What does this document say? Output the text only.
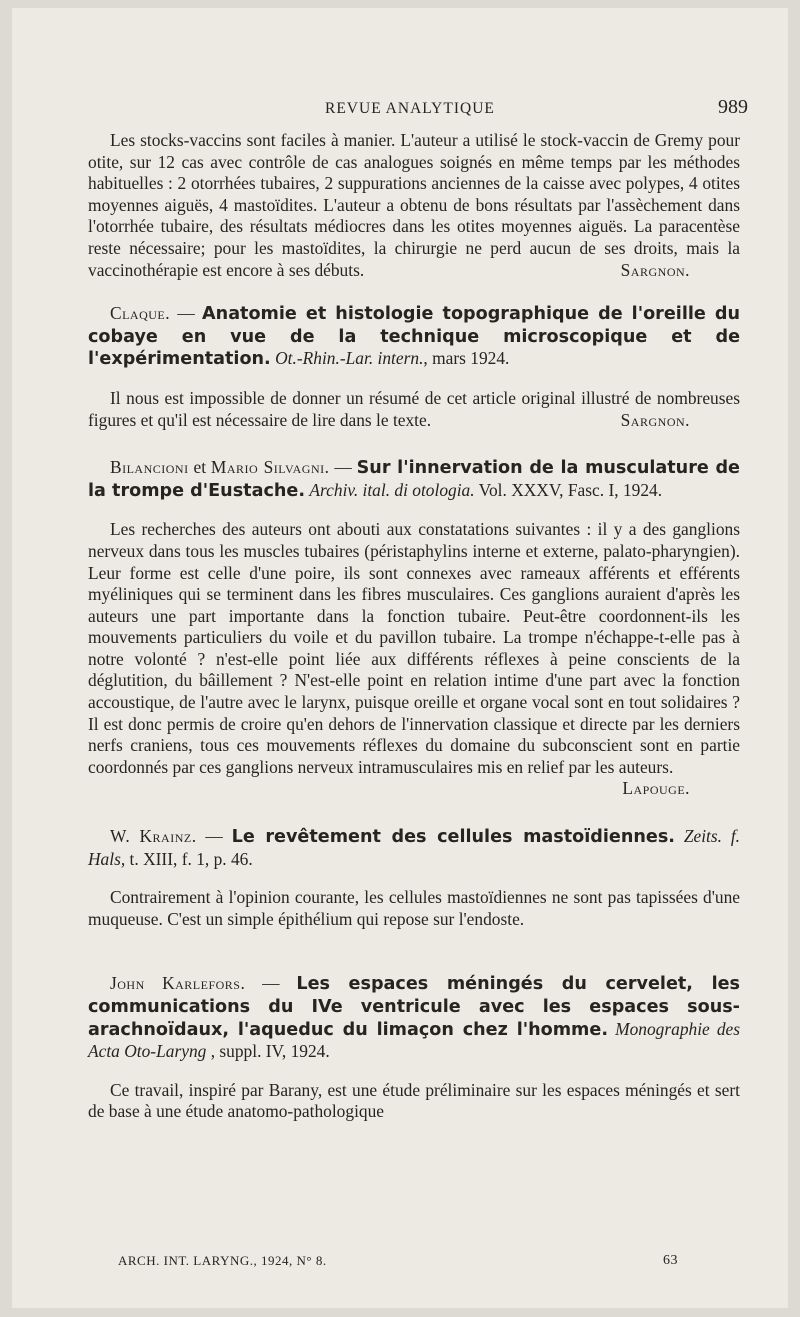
REVUE ANALYTIQUE	989

Les stocks-vaccins sont faciles à manier. L'auteur a utilisé le stock-vaccin de Gremy pour otite, sur 12 cas avec contrôle de cas analogues soignés en même temps par les méthodes habituelles : 2 otorrhées tubaires, 2 suppurations anciennes de la caisse avec polypes, 4 otites moyennes aiguës, 4 mastoïdites. L'auteur a obtenu de bons résultats par l'assèchement dans l'otorrhée tubaire, des résultats médiocres dans les otites moyennes aiguës. La paracentèse reste nécessaire; pour les mastoïdites, la chirurgie ne perd aucun de ses droits, mais la vaccinothérapie est encore à ses débuts.	Sargnon.

Claque. — Anatomie et histologie topographique de l'oreille du cobaye en vue de la technique microscopique et de l'expérimentation. Ot.-Rhin.-Lar. intern., mars 1924.

Il nous est impossible de donner un résumé de cet article original illustré de nombreuses figures et qu'il est nécessaire de lire dans le texte.	Sargnon.

Bilancioni et Mario Silvagni. — Sur l'innervation de la musculature de la trompe d'Eustache. Archiv. ital. di otologia. Vol. XXXV, Fasc. I, 1924.

Les recherches des auteurs ont abouti aux constatations suivantes : il y a des ganglions nerveux dans tous les muscles tubaires (péristaphylins interne et externe, palato-pharyngien). Leur forme est celle d'une poire, ils sont connexes avec rameaux afférents et efférents myéliniques qui se terminent dans les fibres musculaires. Ces ganglions auraient d'après les auteurs une part importante dans la fonction tubaire. Peut-être coordonnent-ils les mouvements particuliers du voile et du pavillon tubaire. La trompe n'échappe-t-elle pas à notre volonté ? n'est-elle point liée aux différents réflexes à peine conscients de la déglutition, du bâillement ? N'est-elle point en relation intime d'une part avec la fonction accoustique, de l'autre avec le larynx, puisque oreille et organe vocal sont en tout solidaires ? Il est donc permis de croire qu'en dehors de l'innervation classique et directe par les derniers nerfs craniens, tous ces mouvements réflexes du domaine du subconscient sont en partie coordonnés par ces ganglions nerveux intramusculaires mis en relief par les auteurs.
Lapouge.

W. Krainz. — Le revêtement des cellules mastoïdiennes. Zeits. f. Hals, t. XIII, f. 1, p. 46.

Contrairement à l'opinion courante, les cellules mastoïdiennes ne sont pas tapissées d'une muqueuse. C'est un simple épithélium qui repose sur l'endoste.

John Karlefors. — Les espaces méningés du cervelet, les communications du IVe ventricule avec les espaces sous-arachnoïdaux, l'aqueduc du limaçon chez l'homme. Monographie des Acta Oto-Laryng , suppl. IV, 1924.

Ce travail, inspiré par Barany, est une étude préliminaire sur les espaces méningés et sert de base à une étude anatomo-pathologique

ARCH. INT. LARYNG., 1924, N° 8.	63
